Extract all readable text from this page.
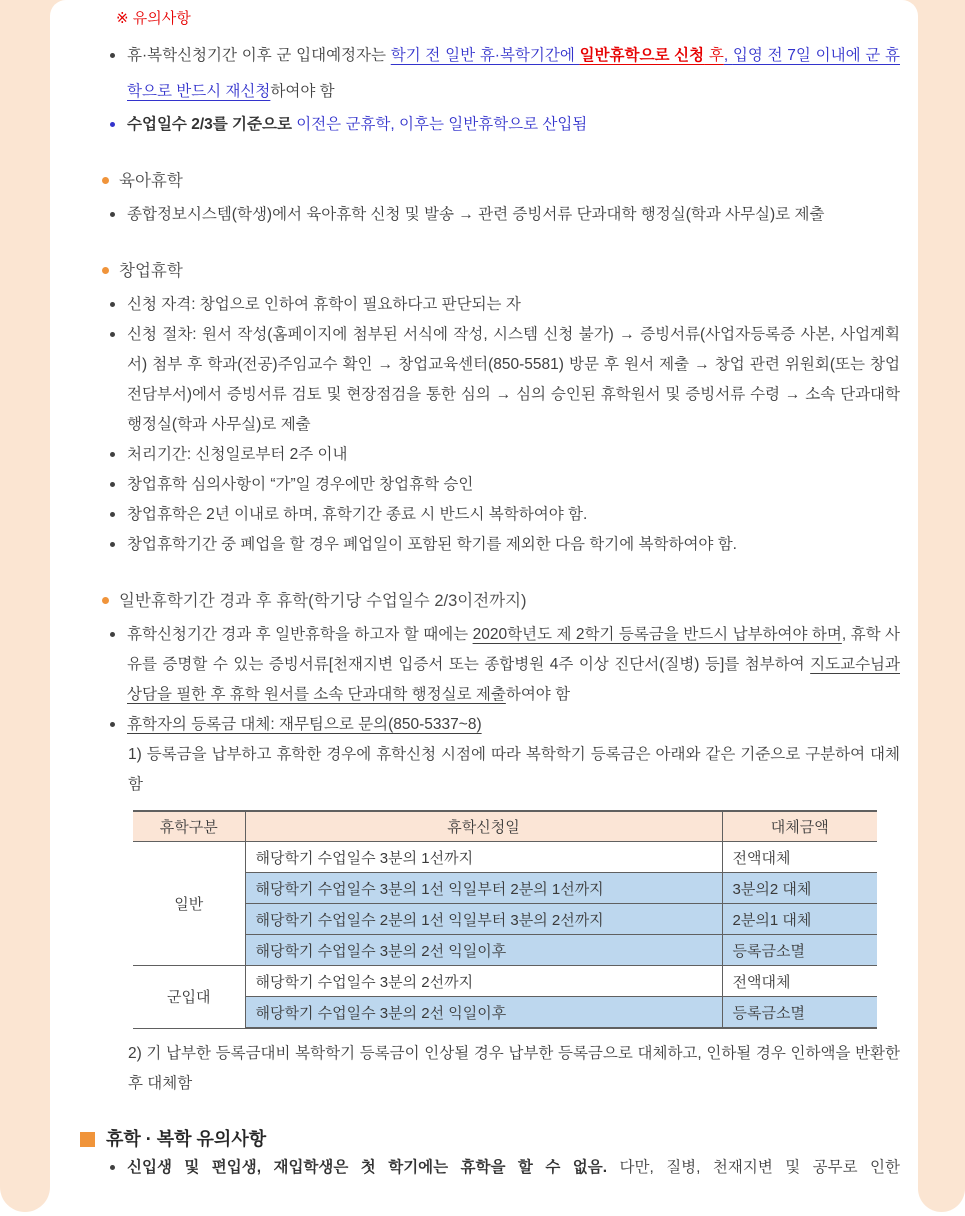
※ 유의사항
휴·복학신청기간 이후 군 입대예정자는 학기 전 일반 휴·복학기간에 일반휴학으로 신청 후, 입영 전 7일 이내에 군 휴학으로 반드시 재신청하여야 함
수업일수 2/3를 기준으로 이전은 군휴학, 이후는 일반휴학으로 산입됨
육아휴학
종합정보시스템(학생)에서 육아휴학 신청 및 발송 → 관련 증빙서류 단과대학 행정실(학과 사무실)로 제출
창업휴학
신청 자격: 창업으로 인하여 휴학이 필요하다고 판단되는 자
신청 절차: 원서 작성(홈페이지에 첨부된 서식에 작성, 시스템 신청 불가) → 증빙서류(사업자등록증 사본, 사업계획서) 첨부 후 학과(전공)주임교수 확인 → 창업교육센터(850-5581) 방문 후 원서 제출 → 창업 관련 위원회(또는 창업 전담부서)에서 증빙서류 검토 및 현장점검을 통한 심의 → 심의 승인된 휴학원서 및 증빙서류 수령 → 소속 단과대학 행정실(학과 사무실)로 제출
처리기간: 신청일로부터 2주 이내
창업휴학 심의사항이 “가”일 경우에만 창업휴학 승인
창업휴학은 2년 이내로 하며, 휴학기간 종료 시 반드시 복학하여야 함.
창업휴학기간 중 폐업을 할 경우 폐업일이 포함된 학기를 제외한 다음 학기에 복학하여야 함.
일반휴학기간 경과 후 휴학(학기당 수업일수 2/3이전까지)
휴학신청기간 경과 후 일반휴학을 하고자 할 때에는 2020학년도 제 2학기 등록금을 반드시 납부하여야 하며, 휴학 사유를 증명할 수 있는 증빙서류[천재지변 입증서 또는 종합병원 4주 이상 진단서(질병) 등]를 첨부하여 지도교수님과 상담을 필한 후 휴학 원서를 소속 단과대학 행정실로 제출하여야 함
휴학자의 등록금 대체: 재무팀으로 문의(850-5337~8)

1) 등록금을 납부하고 휴학한 경우에 휴학신청 시점에 따라 복학학기 등록금은 아래와 같은 기준으로 구분하여 대체함

휴학구분	휴학신청일	대체금액
일반	해당학기 수업일수 3분의 1선까지	전액대체
	해당학기 수업일수 3분의 1선 익일부터 2분의 1선까지	3분의2 대체
	해당학기 수업일수 2분의 1선 익일부터 3분의 2선까지	2분의1 대체
	해당학기 수업일수 3분의 2선 익일이후	등록금소멸
군입대	해당학기 수업일수 3분의 2선까지	전액대체
	해당학기 수업일수 3분의 2선 익일이후	등록금소멸

2) 기 납부한 등록금대비 복학학기 등록금이 인상될 경우 납부한 등록금으로 대체하고, 인하될 경우 인하액을 반환한 후 대체함

휴학 · 복학 유의사항
신입생 및 편입생, 재입학생은 첫 학기에는 휴학을 할 수 없음. 다만, 질병, 천재지변 및 공무로 인한
